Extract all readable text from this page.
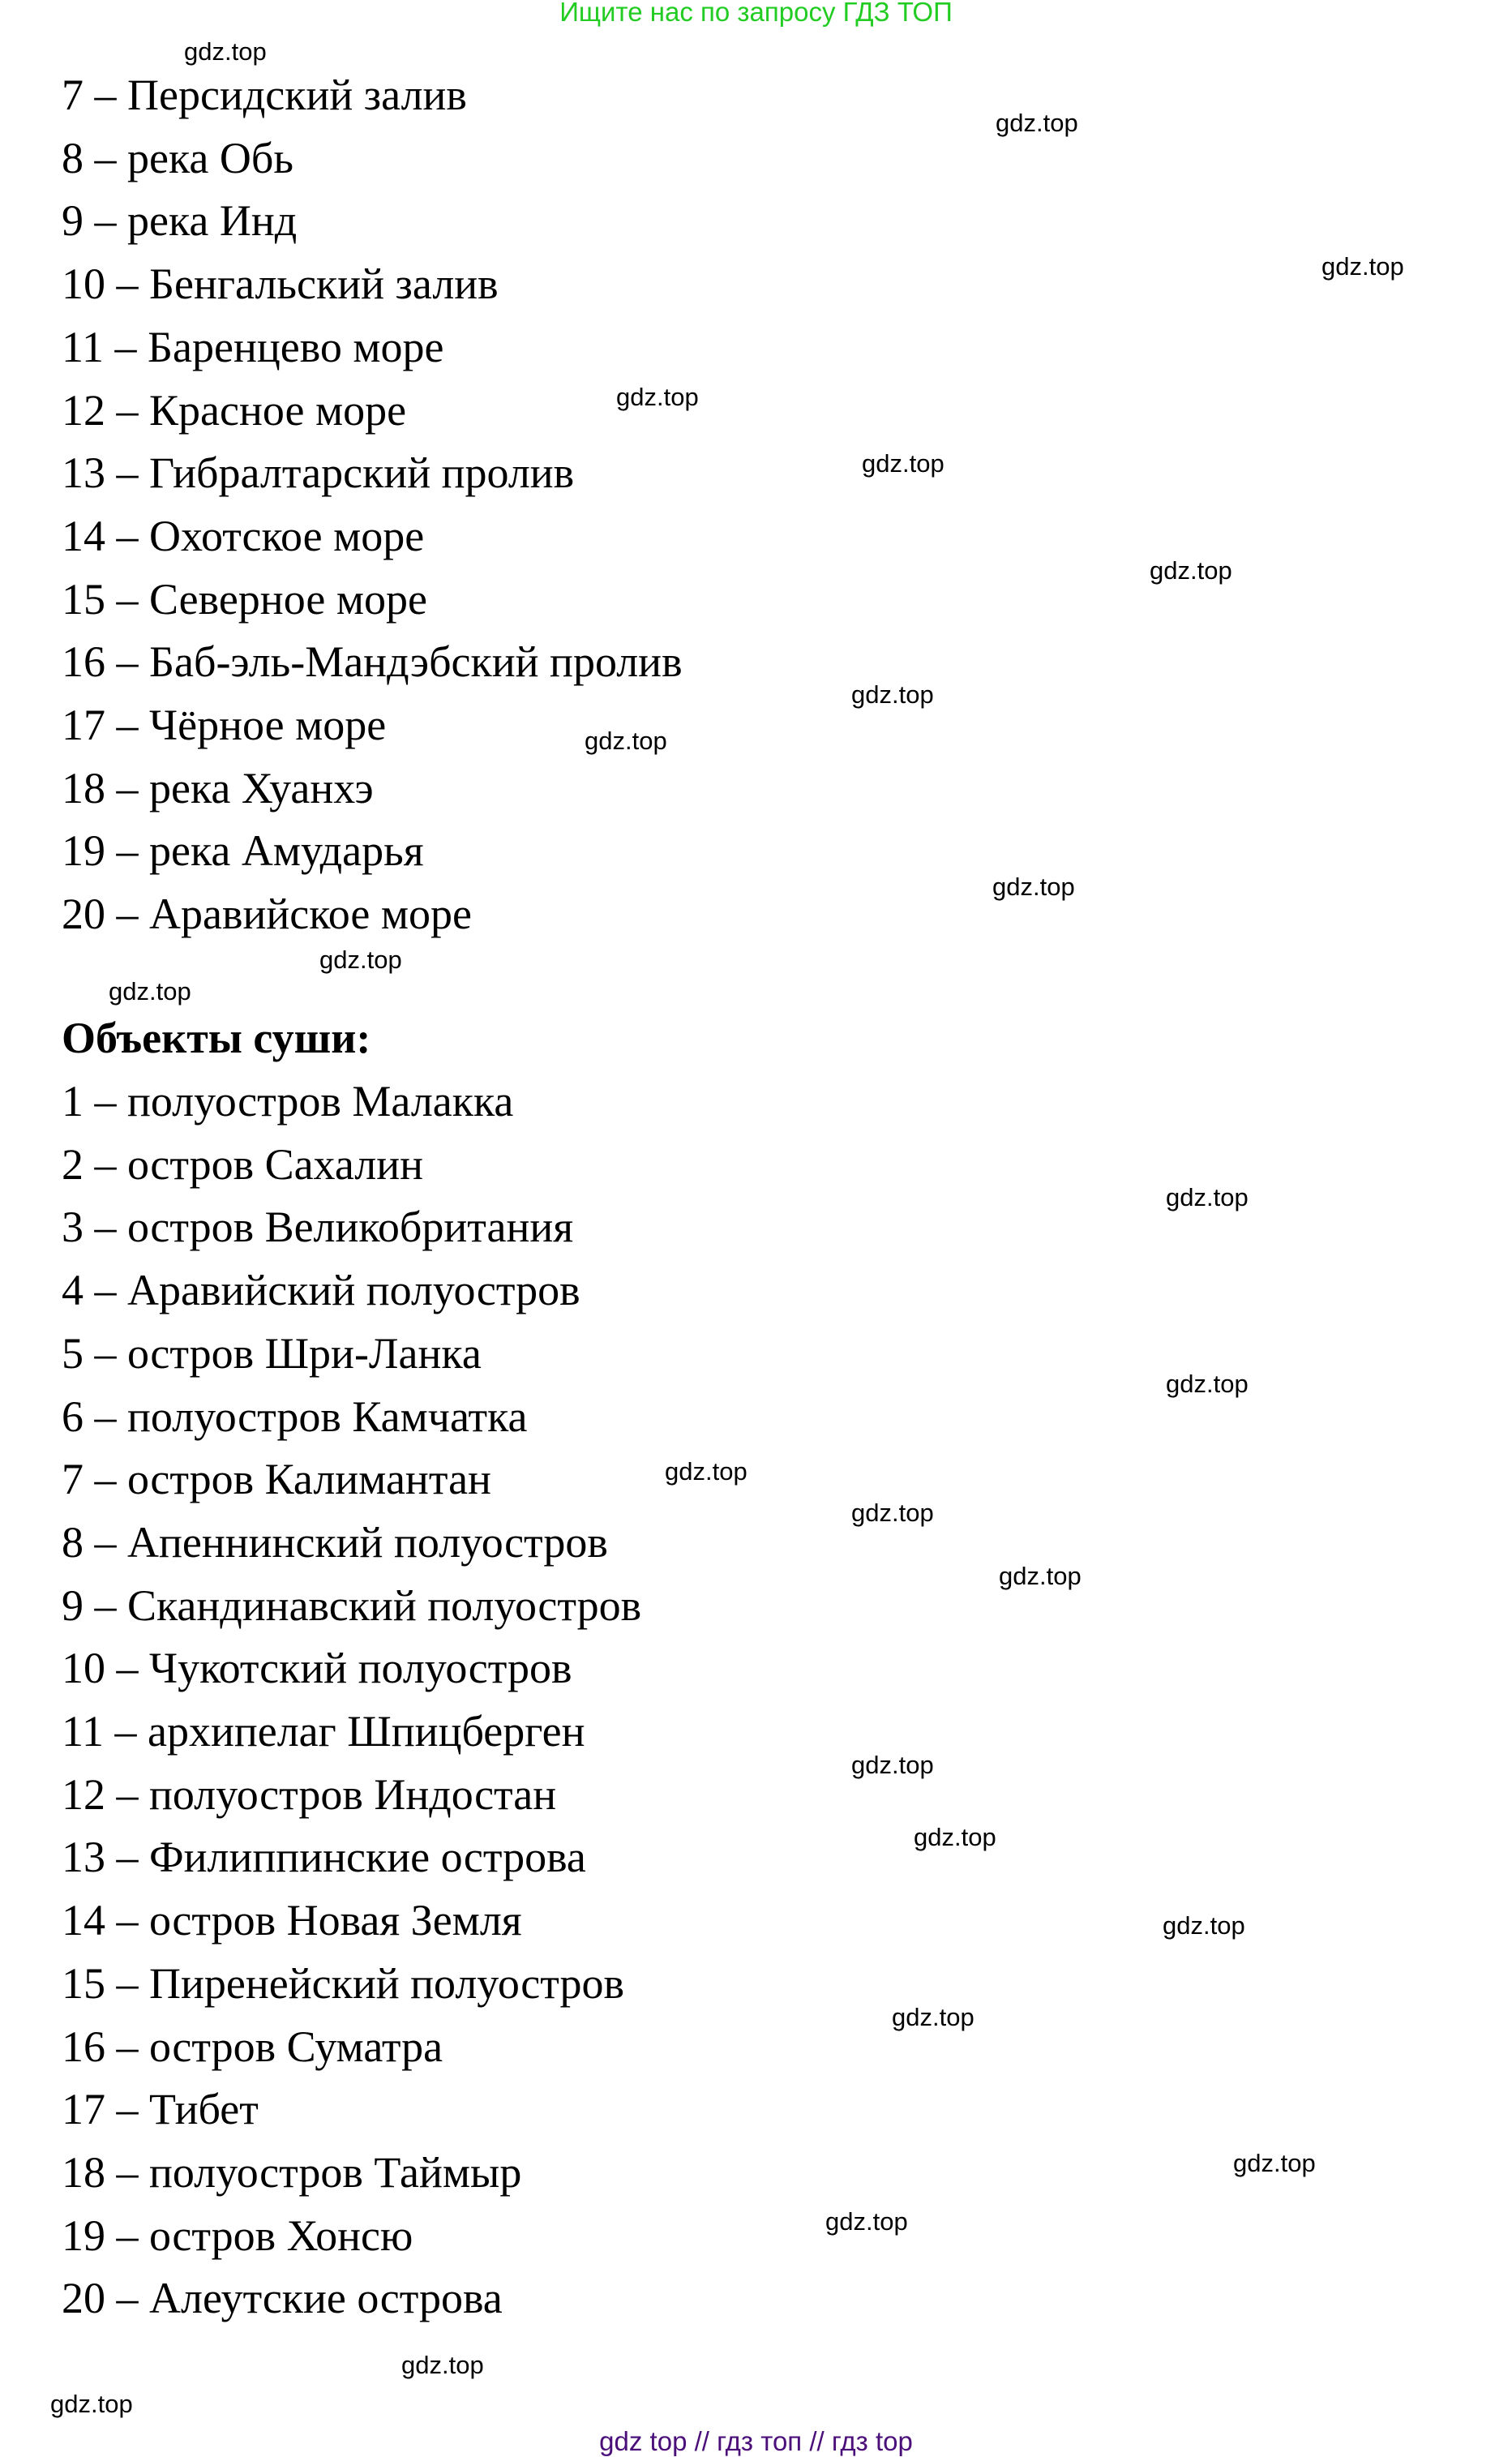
Ищите нас по запросу ГДЗ ТОП
7 – Персидский залив
8 – река Обь
9 – река Инд
10 – Бенгальский залив
11 – Баренцево море
12 – Красное море
13 – Гибралтарский пролив
14 – Охотское море
15 – Северное море
16 – Баб-эль-Мандэбский пролив
17 – Чёрное море
18 – река Хуанхэ
19 – река Амударья
20 – Аравийское море
Объекты суши:
1 – полуостров Малакка
2 – остров Сахалин
3 – остров Великобритания
4 – Аравийский полуостров
5 – остров Шри-Ланка
6 – полуостров Камчатка
7 – остров Калимантан
8 – Апеннинский полуостров
9 – Скандинавский полуостров
10 – Чукотский полуостров
11 – архипелаг Шпицберген
12 – полуостров Индостан
13 – Филиппинские острова
14 – остров Новая Земля
15 – Пиренейский полуостров
16 – остров Суматра
17 – Тибет
18 – полуостров Таймыр
19 – остров Хонсю
20 – Алеутские острова
gdz.top
gdz.top
gdz.top
gdz.top
gdz.top
gdz.top
gdz.top
gdz.top
gdz.top
gdz.top
gdz.top
gdz.top
gdz.top
gdz.top
gdz.top
gdz.top
gdz.top
gdz.top
gdz.top
gdz.top
gdz.top
gdz.top
gdz.top
gdz.top
gdz top // гдз топ // гдз top
